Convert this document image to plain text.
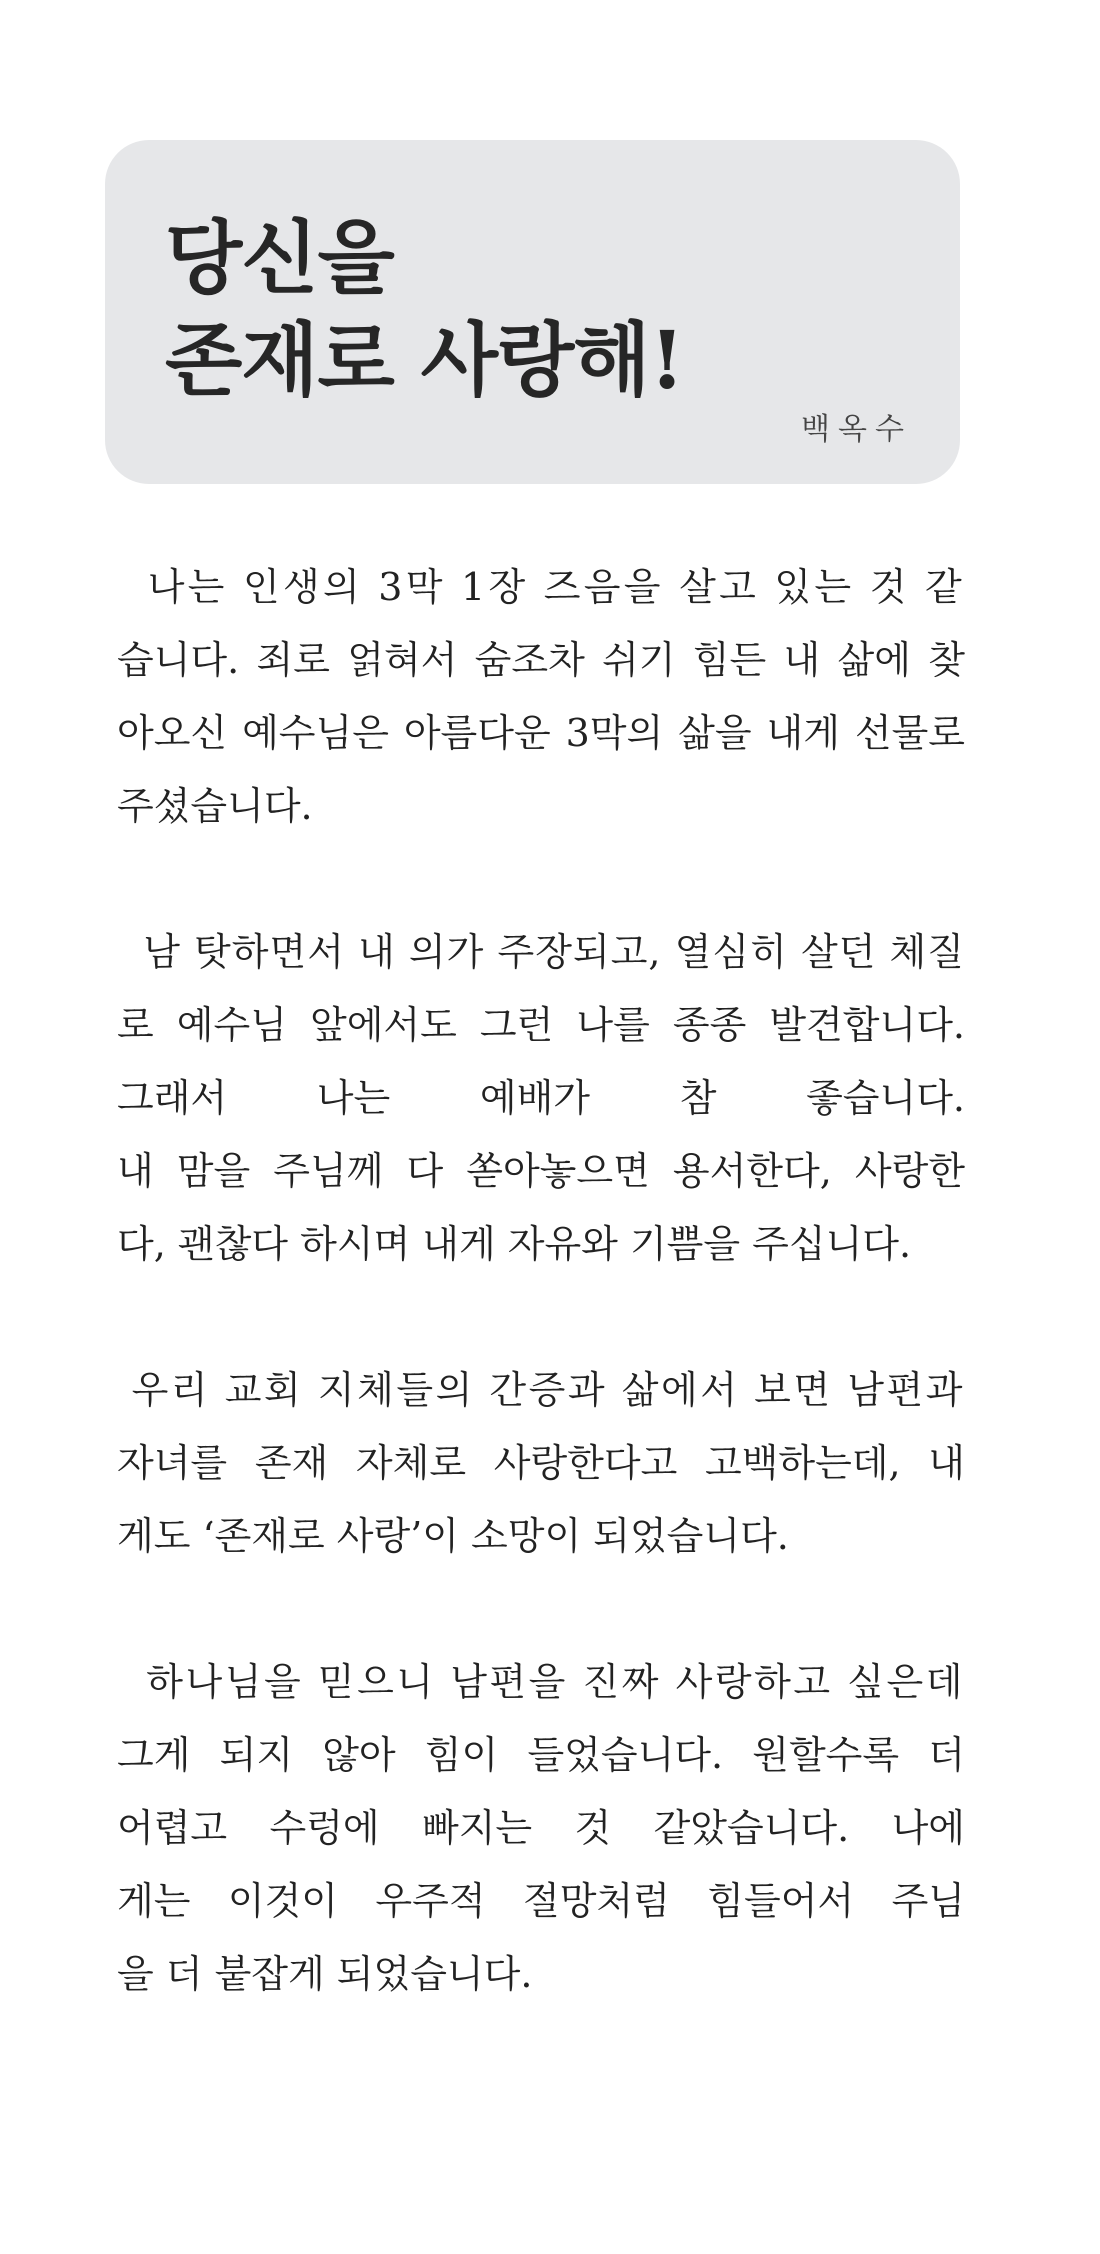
당신을
존재로 사랑해!
백옥수
나는 인생의 3막 1장 즈음을 살고 있는 것 같
습니다. 죄로 얽혀서 숨조차 쉬기 힘든 내 삶에 찾
아오신 예수님은 아름다운 3막의 삶을 내게 선물로
주셨습니다.
남 탓하면서 내 의가 주장되고, 열심히 살던 체질
로 예수님 앞에서도 그런 나를 종종 발견합니다.
그래서 나는 예배가 참 좋습니다.
내 맘을 주님께 다 쏟아놓으면 용서한다, 사랑한
다, 괜찮다 하시며 내게 자유와 기쁨을 주십니다.
우리 교회 지체들의 간증과 삶에서 보면 남편과
자녀를 존재 자체로 사랑한다고 고백하는데, 내
게도 ‘존재로 사랑’이 소망이 되었습니다.
하나님을 믿으니 남편을 진짜 사랑하고 싶은데
그게 되지 않아 힘이 들었습니다. 원할수록 더
어렵고 수렁에 빠지는 것 같았습니다. 나에
게는 이것이 우주적 절망처럼 힘들어서 주님
을 더 붙잡게 되었습니다.
